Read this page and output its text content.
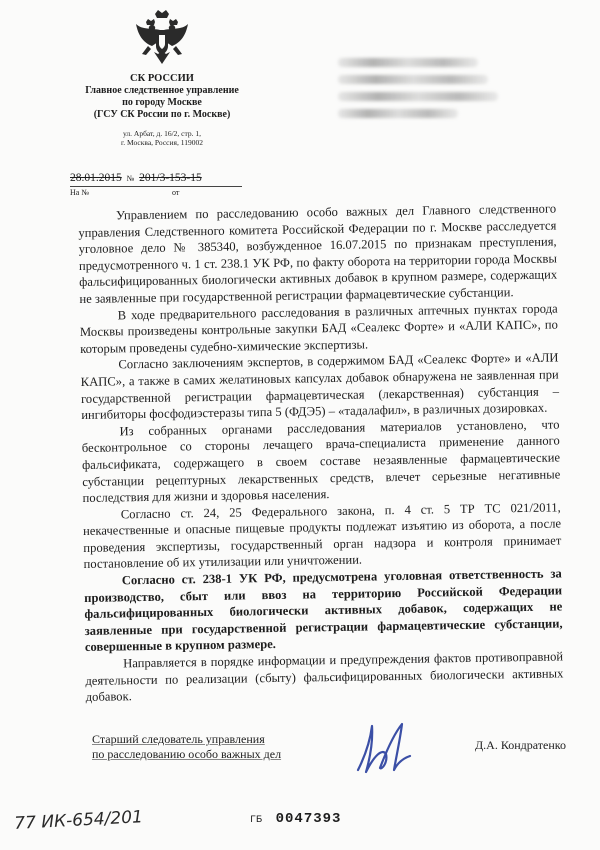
СК РОССИИ
Главное следственное управление
по городу Москве
(ГСУ СК России по г. Москве)
ул. Арбат, д. 16/2, стр. 1,
г. Москва, Россия, 119002
28.01.2015 № 201/3-153-15
На №	от

Управлением по расследованию особо важных дел Главного следственного управления Следственного комитета Российской Федерации по г. Москве расследуется уголовное дело № 385340, возбужденное 16.07.2015 по признакам преступления, предусмотренного ч. 1 ст. 238.1 УК РФ, по факту оборота на территории города Москвы фальсифицированных биологически активных добавок в крупном размере, содержащих не заявленные при государственной регистрации фармацевтические субстанции.

В ходе предварительного расследования в различных аптечных пунктах города Москвы произведены контрольные закупки БАД «Сеалекс Форте» и «АЛИ КАПС», по которым проведены судебно-химические экспертизы.

Согласно заключениям экспертов, в содержимом БАД «Сеалекс Форте» и «АЛИ КАПС», а также в самих желатиновых капсулах добавок обнаружена не заявленная при государственной регистрации фармацевтическая (лекарственная) субстанция – ингибиторы фосфодиэстеразы типа 5 (ФДЭ5) – «тадалафил», в различных дозировках.

Из собранных органами расследования материалов установлено, что бесконтрольное со стороны лечащего врача-специалиста применение данного фальсификата, содержащего в своем составе незаявленные фармацевтические субстанции рецептурных лекарственных средств, влечет серьезные негативные последствия для жизни и здоровья населения.

Согласно ст. 24, 25 Федерального закона, п. 4 ст. 5 ТР ТС 021/2011, некачественные и опасные пищевые продукты подлежат изъятию из оборота, а после проведения экспертизы, государственный орган надзора и контроля принимает постановление об их утилизации или уничтожении.

Согласно ст. 238-1 УК РФ, предусмотрена уголовная ответственность за производство, сбыт или ввоз на территорию Российской Федерации фальсифицированных биологически активных добавок, содержащих не заявленные при государственной регистрации фармацевтические субстанции, совершенные в крупном размере.

Направляется в порядке информации и предупреждения фактов противоправной деятельности по реализации (сбыту) фальсифицированных биологически активных добавок.

Старший следователь управления
по расследованию особо важных дел
Д.А. Кондратенко
77 ИК-654/201	ГБ 0047393
